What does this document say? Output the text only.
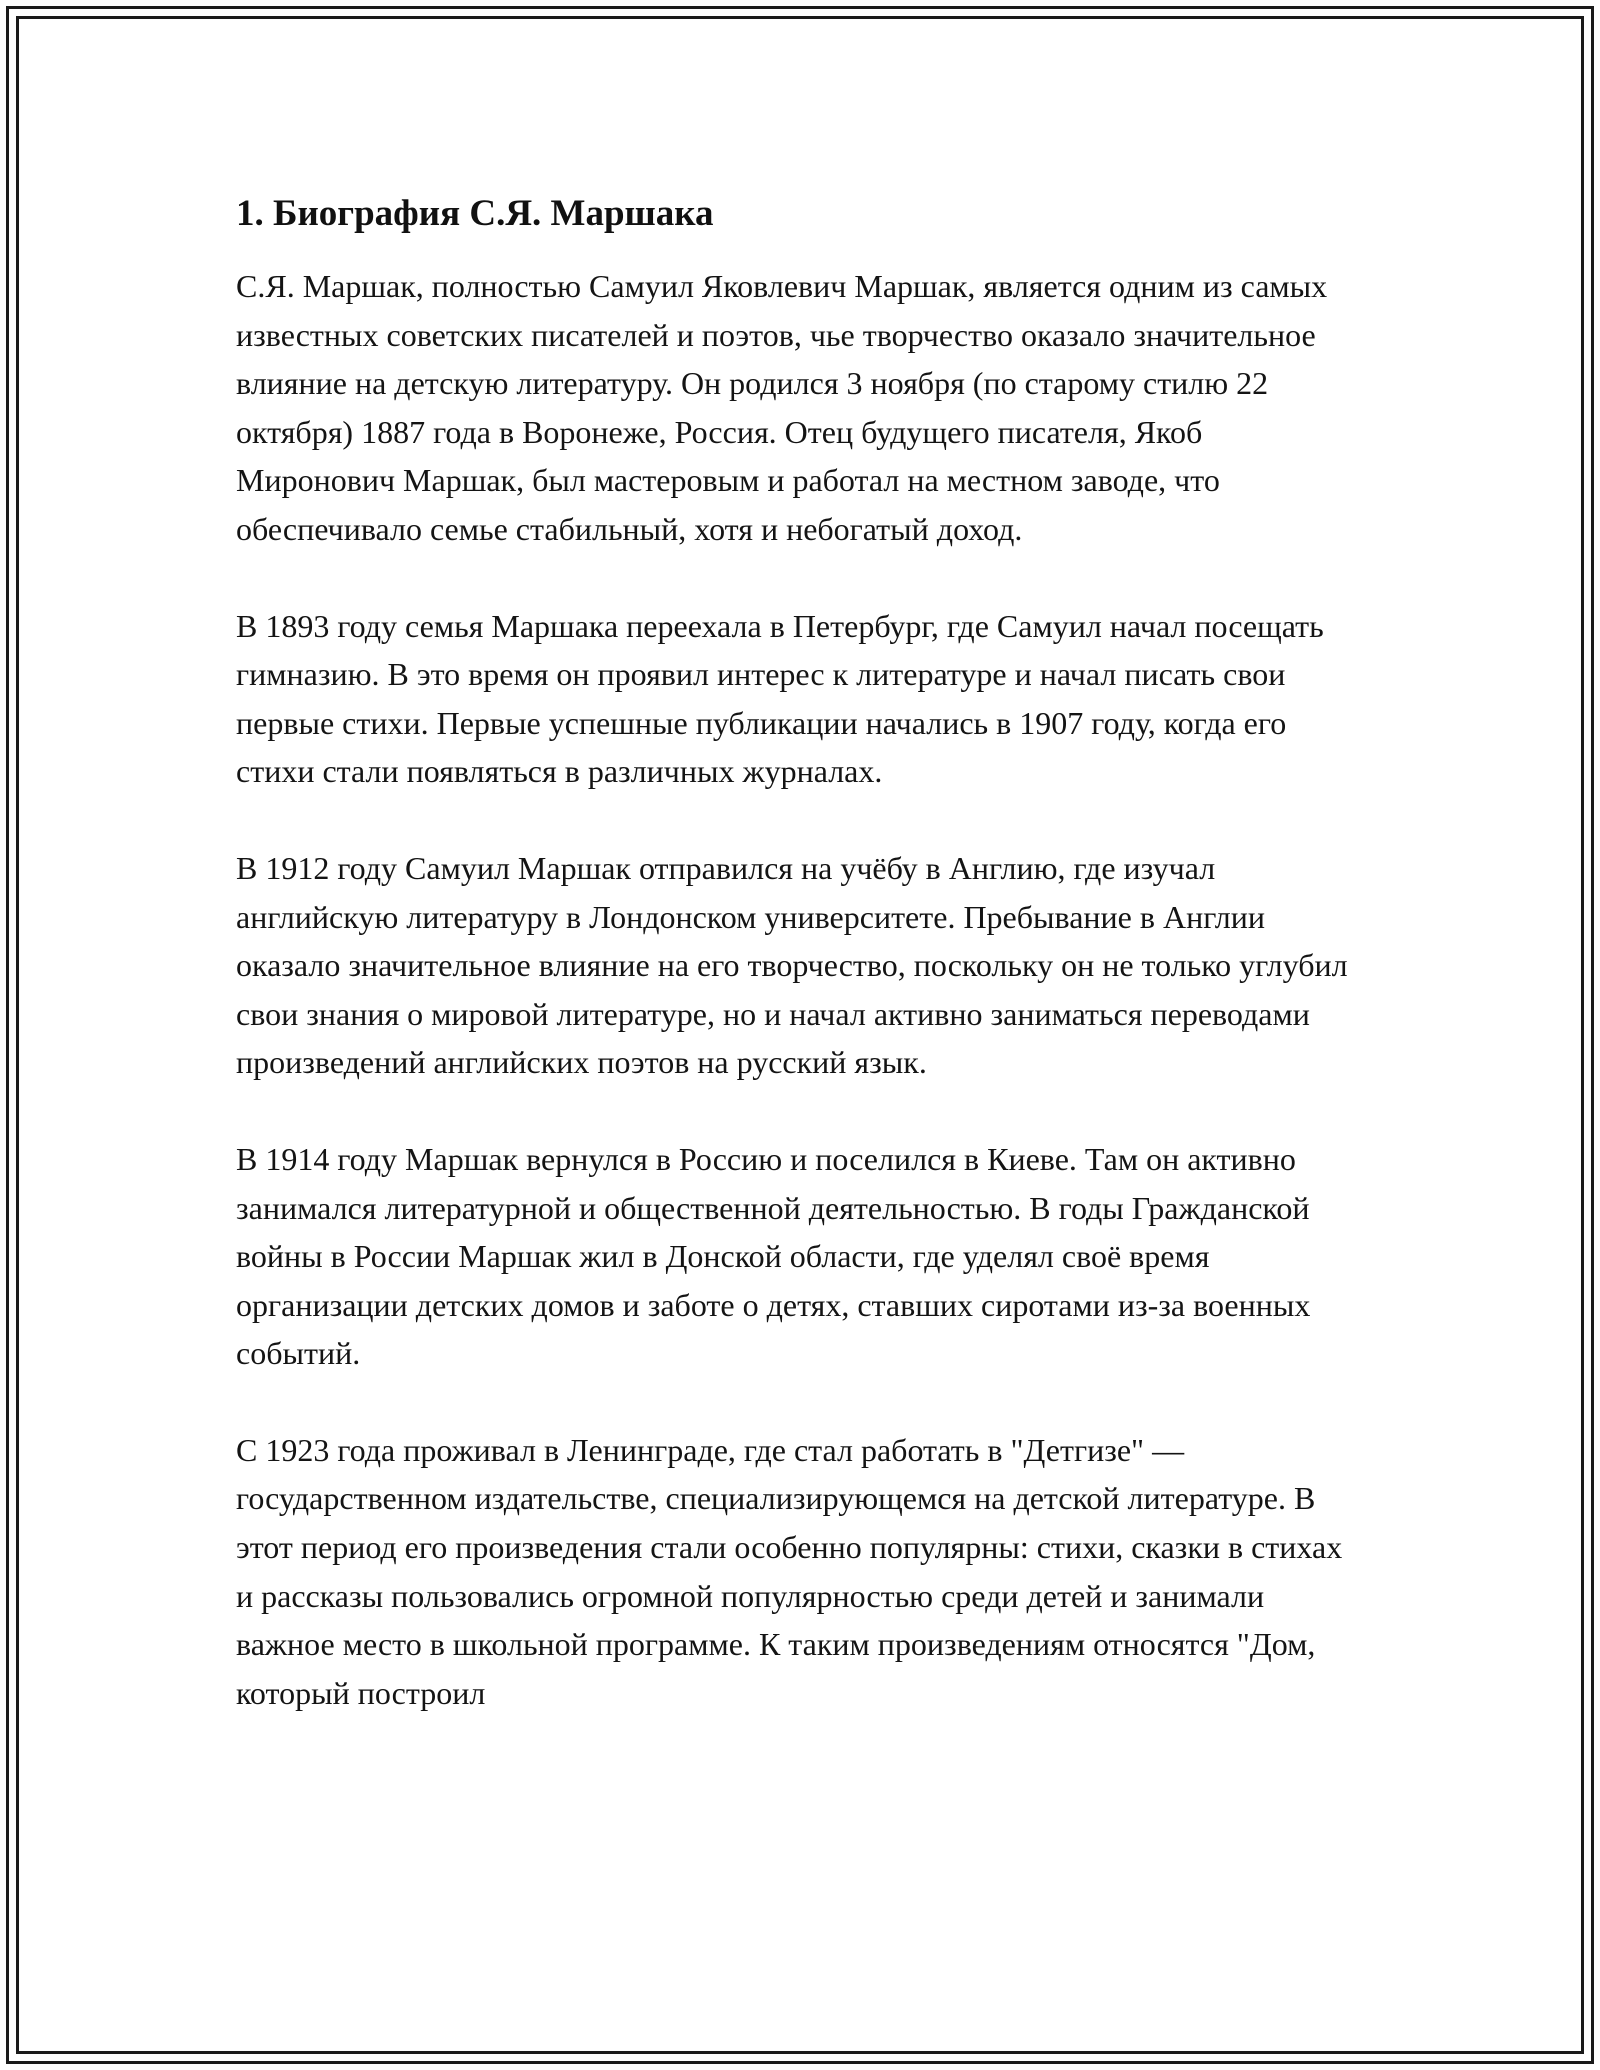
1. Биография С.Я. Маршака

С.Я. Маршак, полностью Самуил Яковлевич Маршак, является одним из самых известных советских писателей и поэтов, чье творчество оказало значительное влияние на детскую литературу. Он родился 3 ноября (по старому стилю 22 октября) 1887 года в Воронеже, Россия. Отец будущего писателя, Якоб Миронович Маршак, был мастеровым и работал на местном заводе, что обеспечивало семье стабильный, хотя и небогатый доход.

В 1893 году семья Маршака переехала в Петербург, где Самуил начал посещать гимназию. В это время он проявил интерес к литературе и начал писать свои первые стихи. Первые успешные публикации начались в 1907 году, когда его стихи стали появляться в различных журналах.

В 1912 году Самуил Маршак отправился на учёбу в Англию, где изучал английскую литературу в Лондонском университете. Пребывание в Англии оказало значительное влияние на его творчество, поскольку он не только углубил свои знания о мировой литературе, но и начал активно заниматься переводами произведений английских поэтов на русский язык.

В 1914 году Маршак вернулся в Россию и поселился в Киеве. Там он активно занимался литературной и общественной деятельностью. В годы Гражданской войны в России Маршак жил в Донской области, где уделял своё время организации детских домов и заботе о детях, ставших сиротами из-за военных событий.

С 1923 года проживал в Ленинграде, где стал работать в "Детгизе" — государственном издательстве, специализирующемся на детской литературе. В этот период его произведения стали особенно популярны: стихи, сказки в стихах и рассказы пользовались огромной популярностью среди детей и занимали важное место в школьной программе. К таким произведениям относятся "Дом, который построил
